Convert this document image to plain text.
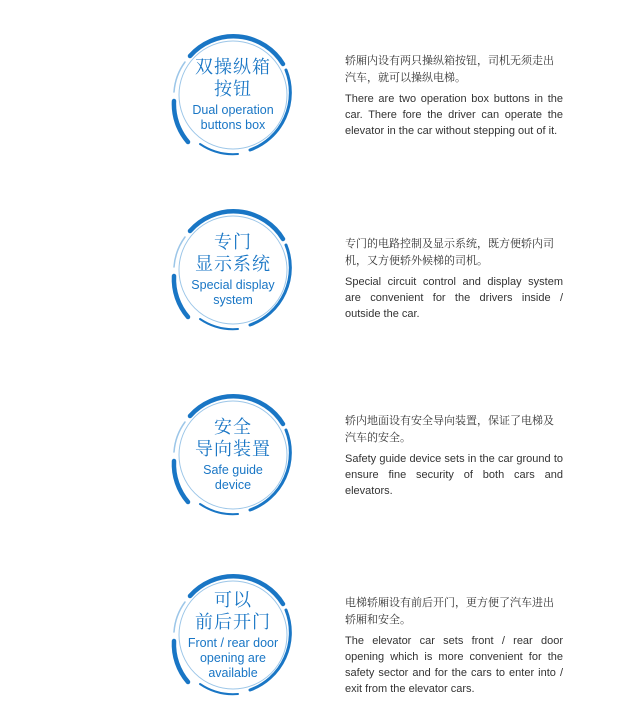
双操纵箱
按钮
Dual operation
buttons box

轿厢内设有两只操纵箱按钮，司机无须走出汽车，就可以操纵电梯。

There are two operation box buttons in the car. There fore the driver can operate the elevator in the car without stepping out of it.

专门
显示系统
Special display
system

专门的电路控制及显示系统，既方便轿内司机，又方便轿外候梯的司机。

Special circuit control and display system are convenient for the drivers inside / outside the car.

安全
导向装置
Safe guide
device

轿内地面设有安全导向装置，保证了电梯及汽车的安全。

Safety guide device sets in the car ground to ensure fine security of both cars and elevators.

可以
前后开门
Front / rear door
opening are
available

电梯轿厢设有前后开门，更方便了汽车进出轿厢和安全。

The elevator car sets front / rear door opening which is more convenient for the safety sector and for the cars to enter into / exit from the elevator cars.
